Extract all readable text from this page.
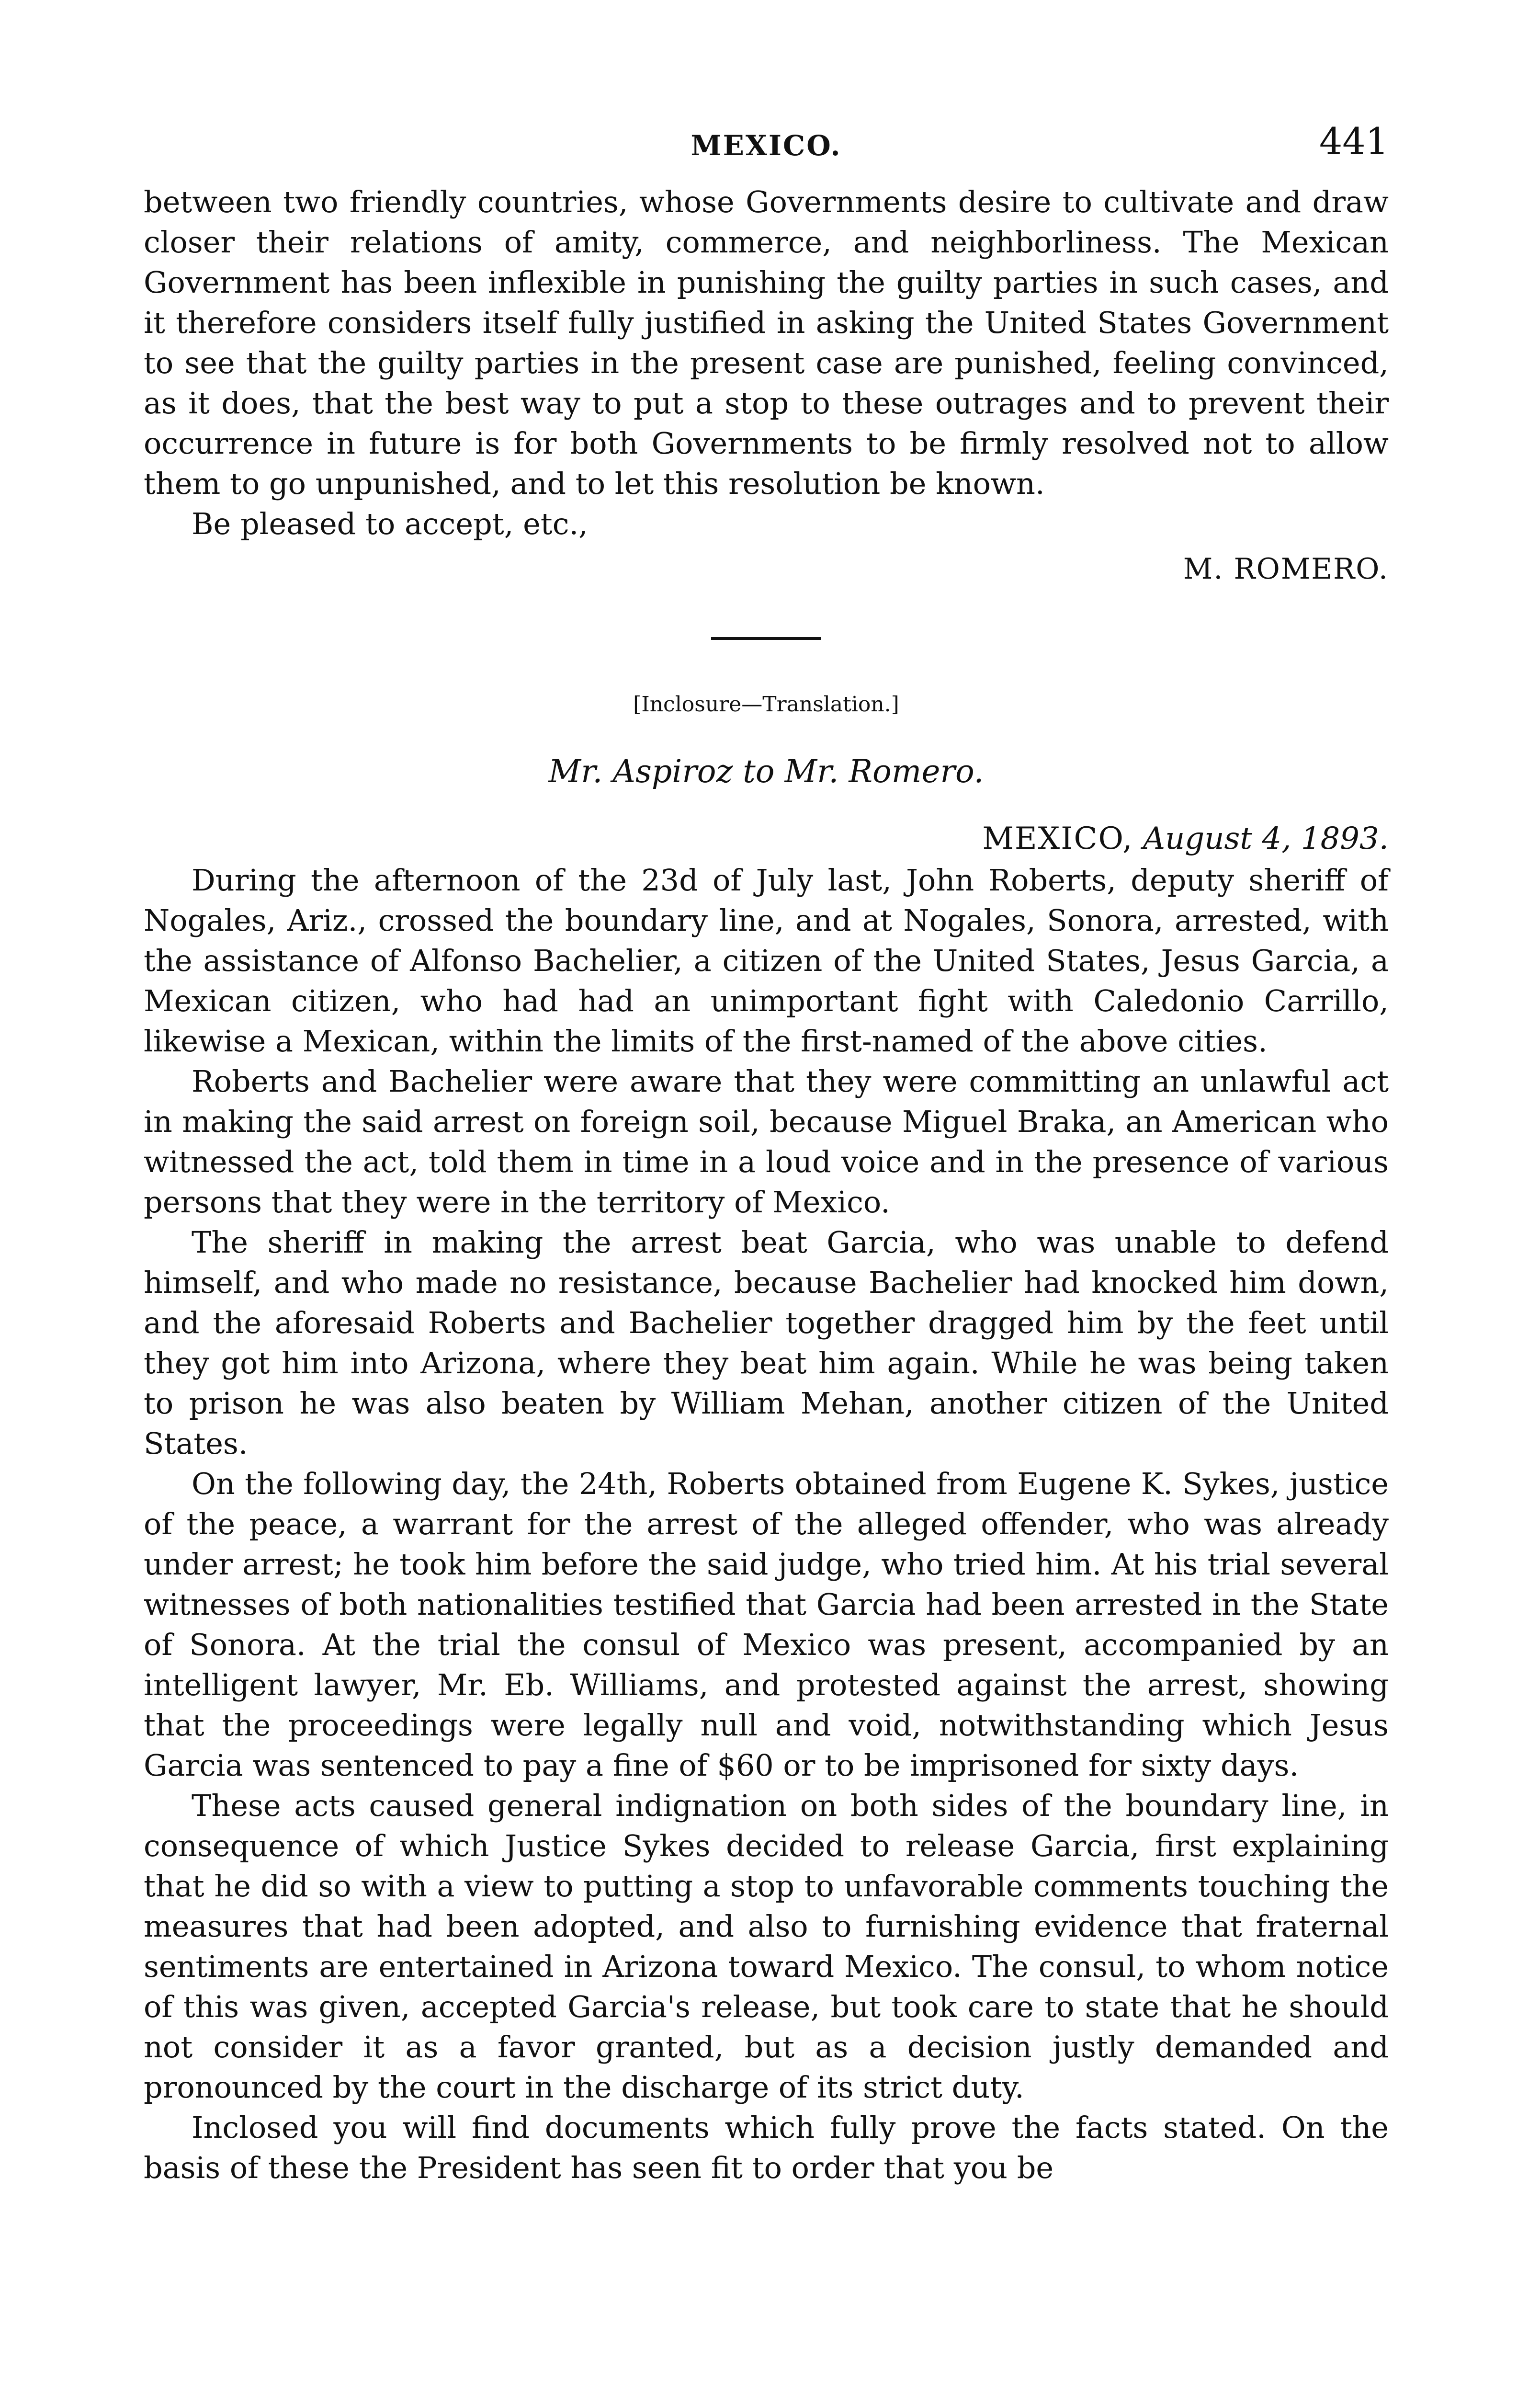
MEXICO.	441

between two friendly countries, whose Governments desire to cultivate and draw closer their relations of amity, commerce, and neighborliness. The Mexican Government has been inflexible in punishing the guilty parties in such cases, and it therefore considers itself fully justified in asking the United States Government to see that the guilty parties in the present case are punished, feeling convinced, as it does, that the best way to put a stop to these outrages and to prevent their occurrence in future is for both Governments to be firmly resolved not to allow them to go unpunished, and to let this resolution be known.

Be pleased to accept, etc.,

M. ROMERO.
[Inclosure—Translation.]
Mr. Aspiroz to Mr. Romero.
MEXICO, August 4, 1893.

During the afternoon of the 23d of July last, John Roberts, deputy sheriff of Nogales, Ariz., crossed the boundary line, and at Nogales, Sonora, arrested, with the assistance of Alfonso Bachelier, a citizen of the United States, Jesus Garcia, a Mexican citizen, who had had an unimportant fight with Caledonio Carrillo, likewise a Mexican, within the limits of the first-named of the above cities.

Roberts and Bachelier were aware that they were committing an unlawful act in making the said arrest on foreign soil, because Miguel Braka, an American who witnessed the act, told them in time in a loud voice and in the presence of various persons that they were in the territory of Mexico.

The sheriff in making the arrest beat Garcia, who was unable to defend himself, and who made no resistance, because Bachelier had knocked him down, and the aforesaid Roberts and Bachelier together dragged him by the feet until they got him into Arizona, where they beat him again. While he was being taken to prison he was also beaten by William Mehan, another citizen of the United States.

On the following day, the 24th, Roberts obtained from Eugene K. Sykes, justice of the peace, a warrant for the arrest of the alleged offender, who was already under arrest; he took him before the said judge, who tried him. At his trial several witnesses of both nationalities testified that Garcia had been arrested in the State of Sonora. At the trial the consul of Mexico was present, accompanied by an intelligent lawyer, Mr. Eb. Williams, and protested against the arrest, showing that the proceedings were legally null and void, notwithstanding which Jesus Garcia was sentenced to pay a fine of $60 or to be imprisoned for sixty days.

These acts caused general indignation on both sides of the boundary line, in consequence of which Justice Sykes decided to release Garcia, first explaining that he did so with a view to putting a stop to unfavorable comments touching the measures that had been adopted, and also to furnishing evidence that fraternal sentiments are entertained in Arizona toward Mexico. The consul, to whom notice of this was given, accepted Garcia's release, but took care to state that he should not consider it as a favor granted, but as a decision justly demanded and pronounced by the court in the discharge of its strict duty.

Inclosed you will find documents which fully prove the facts stated. On the basis of these the President has seen fit to order that you be
